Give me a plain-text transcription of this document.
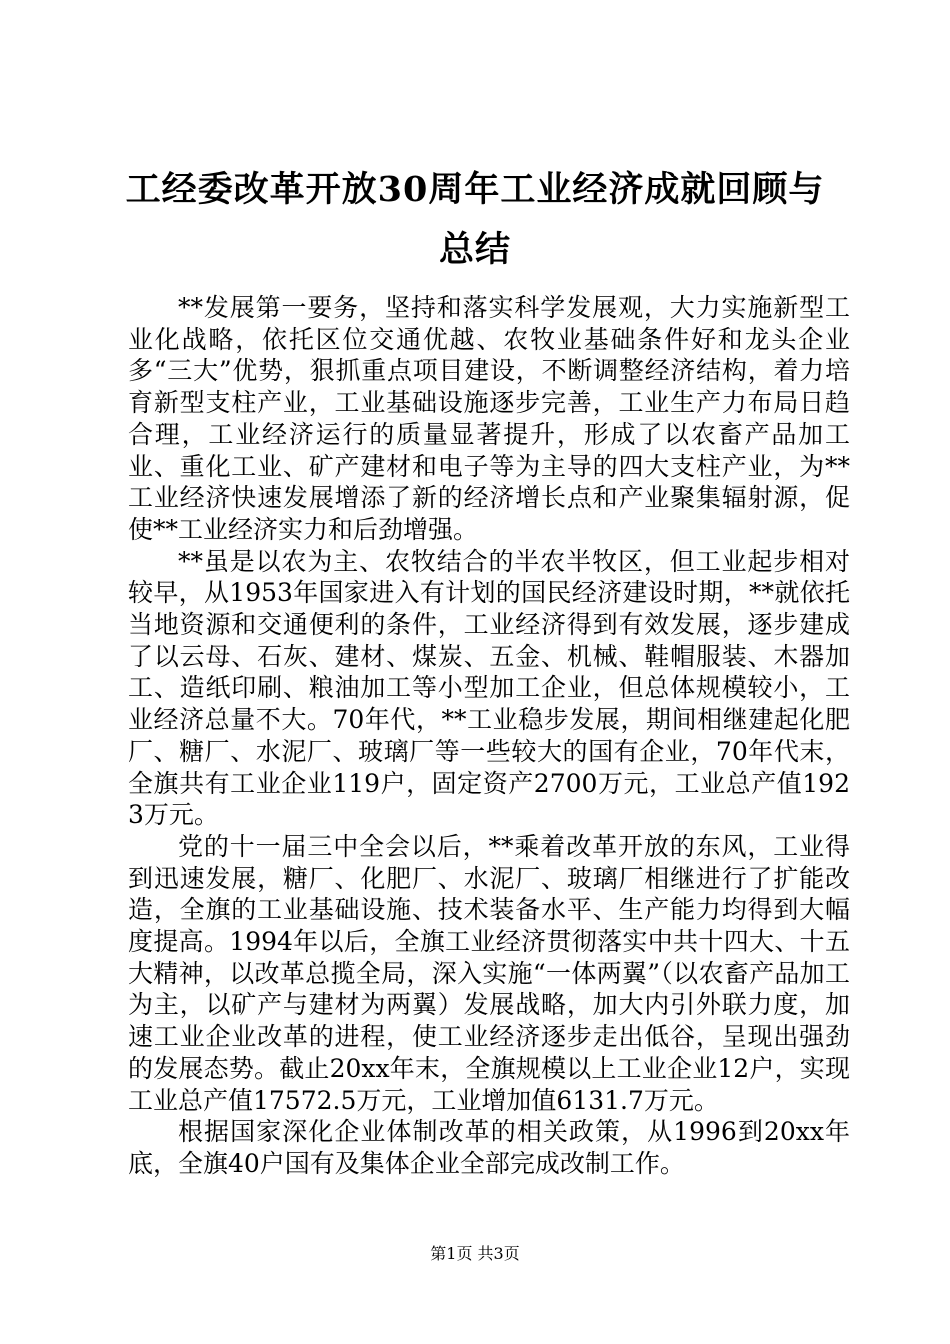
工经委改革开放30周年工业经济成就回顾与
总结

**发展第一要务，坚持和落实科学发展观，大力实施新型工业化战略，依托区位交通优越、农牧业基础条件好和龙头企业多“三大”优势，狠抓重点项目建设，不断调整经济结构，着力培育新型支柱产业，工业基础设施逐步完善，工业生产力布局日趋合理，工业经济运行的质量显著提升，形成了以农畜产品加工业、重化工业、矿产建材和电子等为主导的四大支柱产业，为**工业经济快速发展增添了新的经济增长点和产业聚集辐射源，促使**工业经济实力和后劲增强。

**虽是以农为主、农牧结合的半农半牧区，但工业起步相对较早，从1953年国家进入有计划的国民经济建设时期，**就依托当地资源和交通便利的条件，工业经济得到有效发展，逐步建成了以云母、石灰、建材、煤炭、五金、机械、鞋帽服装、木器加工、造纸印刷、粮油加工等小型加工企业，但总体规模较小，工业经济总量不大。70年代，**工业稳步发展，期间相继建起化肥厂、糖厂、水泥厂、玻璃厂等一些较大的国有企业，70年代末，全旗共有工业企业119户，固定资产2700万元，工业总产值1923万元。

党的十一届三中全会以后，**乘着改革开放的东风，工业得到迅速发展，糖厂、化肥厂、水泥厂、玻璃厂相继进行了扩能改造，全旗的工业基础设施、技术装备水平、生产能力均得到大幅度提高。1994年以后，全旗工业经济贯彻落实中共十四大、十五大精神，以改革总揽全局，深入实施“一体两翼”（以农畜产品加工为主，以矿产与建材为两翼）发展战略，加大内引外联力度，加速工业企业改革的进程，使工业经济逐步走出低谷，呈现出强劲的发展态势。截止20xx年末，全旗规模以上工业企业12户，实现工业总产值17572.5万元，工业增加值6131.7万元。

根据国家深化企业体制改革的相关政策，从1996到20xx年底，全旗40户国有及集体企业全部完成改制工作。

第1页 共3页
